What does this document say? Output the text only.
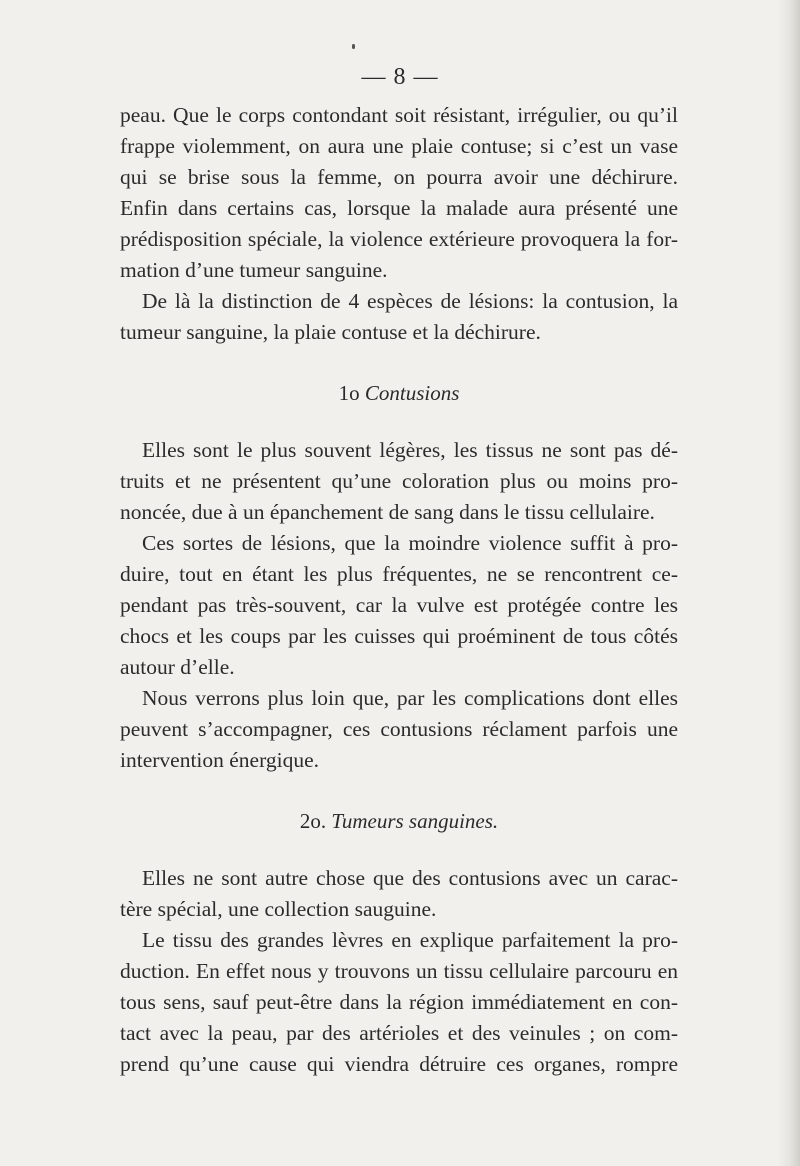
— 8 —
peau. Que le corps contondant soit résistant, irrégulier, ou qu’il
frappe violemment, on aura une plaie contuse; si c’est un vase
qui se brise sous la femme, on pourra avoir une déchirure.
Enfin dans certains cas, lorsque la malade aura présenté une
prédisposition spéciale, la violence extérieure provoquera la for-
mation d’une tumeur sanguine.
De là la distinction de 4 espèces de lésions: la contusion, la
tumeur sanguine, la plaie contuse et la déchirure.
1o Contusions
Elles sont le plus souvent légères, les tissus ne sont pas dé-
truits et ne présentent qu’une coloration plus ou moins pro-
noncée, due à un épanchement de sang dans le tissu cellulaire.
Ces sortes de lésions, que la moindre violence suffit à pro-
duire, tout en étant les plus fréquentes, ne se rencontrent ce-
pendant pas très-souvent, car la vulve est protégée contre les
chocs et les coups par les cuisses qui proéminent de tous côtés
autour d’elle.
Nous verrons plus loin que, par les complications dont elles
peuvent s’accompagner, ces contusions réclament parfois une
intervention énergique.
2o. Tumeurs sanguines.
Elles ne sont autre chose que des contusions avec un carac-
tère spécial, une collection sauguine.
Le tissu des grandes lèvres en explique parfaitement la pro-
duction. En effet nous y trouvons un tissu cellulaire parcouru en
tous sens, sauf peut-être dans la région immédiatement en con-
tact avec la peau, par des artérioles et des veinules ; on com-
prend qu’une cause qui viendra détruire ces organes, rompre
